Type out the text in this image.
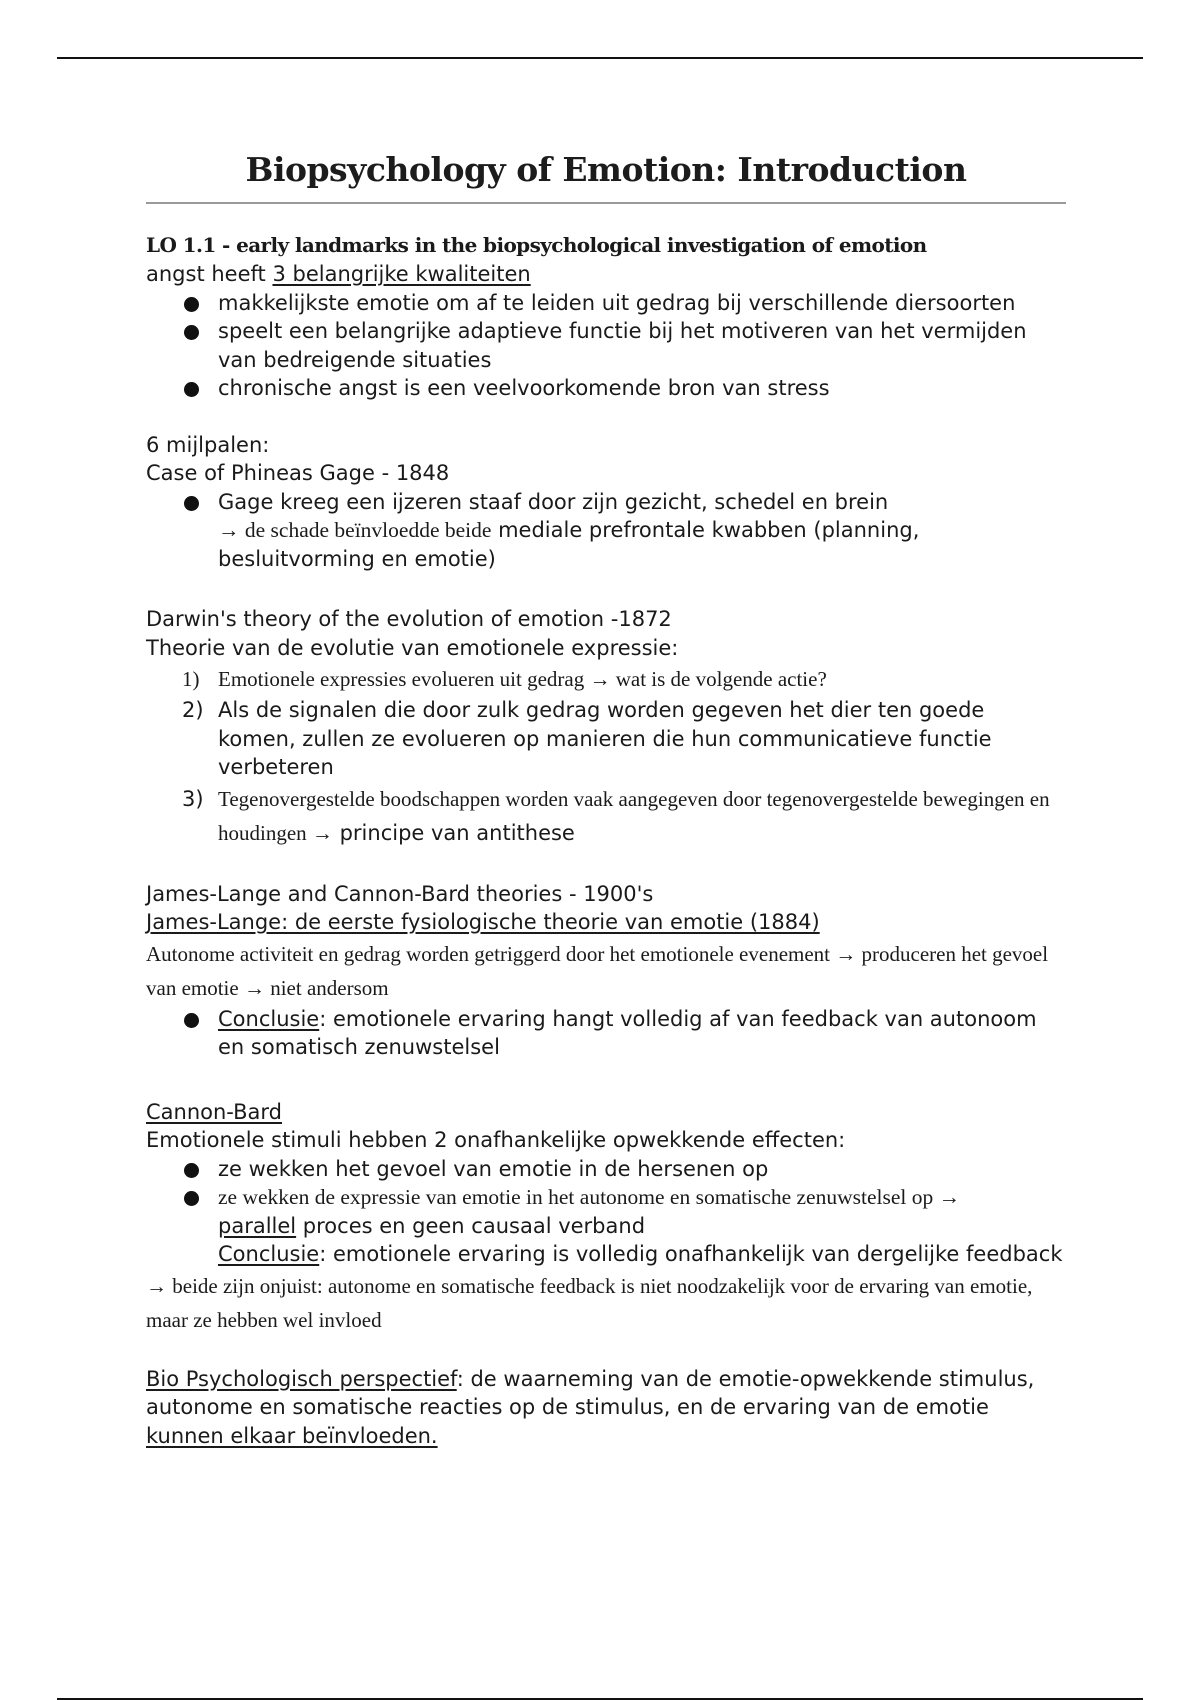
Biopsychology of Emotion: Introduction
LO 1.1 - early landmarks in the biopsychological investigation of emotion

angst heeft 3 belangrijke kwaliteiten

makkelijkste emotie om af te leiden uit gedrag bij verschillende diersoorten
speelt een belangrijke adaptieve functie bij het motiveren van het vermijden van bedreigende situaties
chronische angst is een veelvoorkomende bron van stress

6 mijlpalen:

Case of Phineas Gage - 1848

Gage kreeg een ijzeren staaf door zijn gezicht, schedel en brein
→ de schade beïnvloedde beide mediale prefrontale kwabben (planning, besluitvorming en emotie)

Darwin's theory of the evolution of emotion -1872

Theorie van de evolutie van emotionele expressie:

1) Emotionele expressies evolueren uit gedrag → wat is de volgende actie?
2) Als de signalen die door zulk gedrag worden gegeven het dier ten goede komen, zullen ze evolueren op manieren die hun communicatieve functie verbeteren
3) Tegenovergestelde boodschappen worden vaak aangegeven door tegenovergestelde bewegingen en houdingen → principe van antithese

James-Lange and Cannon-Bard theories - 1900's

James-Lange: de eerste fysiologische theorie van emotie (1884)

Autonome activiteit en gedrag worden getriggerd door het emotionele evenement → produceren het gevoel van emotie → niet andersom

Conclusie: emotionele ervaring hangt volledig af van feedback van autonoom en somatisch zenuwstelsel

Cannon-Bard

Emotionele stimuli hebben 2 onafhankelijke opwekkende effecten:

ze wekken het gevoel van emotie in de hersenen op
ze wekken de expressie van emotie in het autonome en somatische zenuwstelsel op →
parallel proces en geen causaal verband
Conclusie: emotionele ervaring is volledig onafhankelijk van dergelijke feedback

→ beide zijn onjuist: autonome en somatische feedback is niet noodzakelijk voor de ervaring van emotie, maar ze hebben wel invloed

Bio Psychologisch perspectief: de waarneming van de emotie-opwekkende stimulus, autonome en somatische reacties op de stimulus, en de ervaring van de emotie kunnen elkaar beïnvloeden.
